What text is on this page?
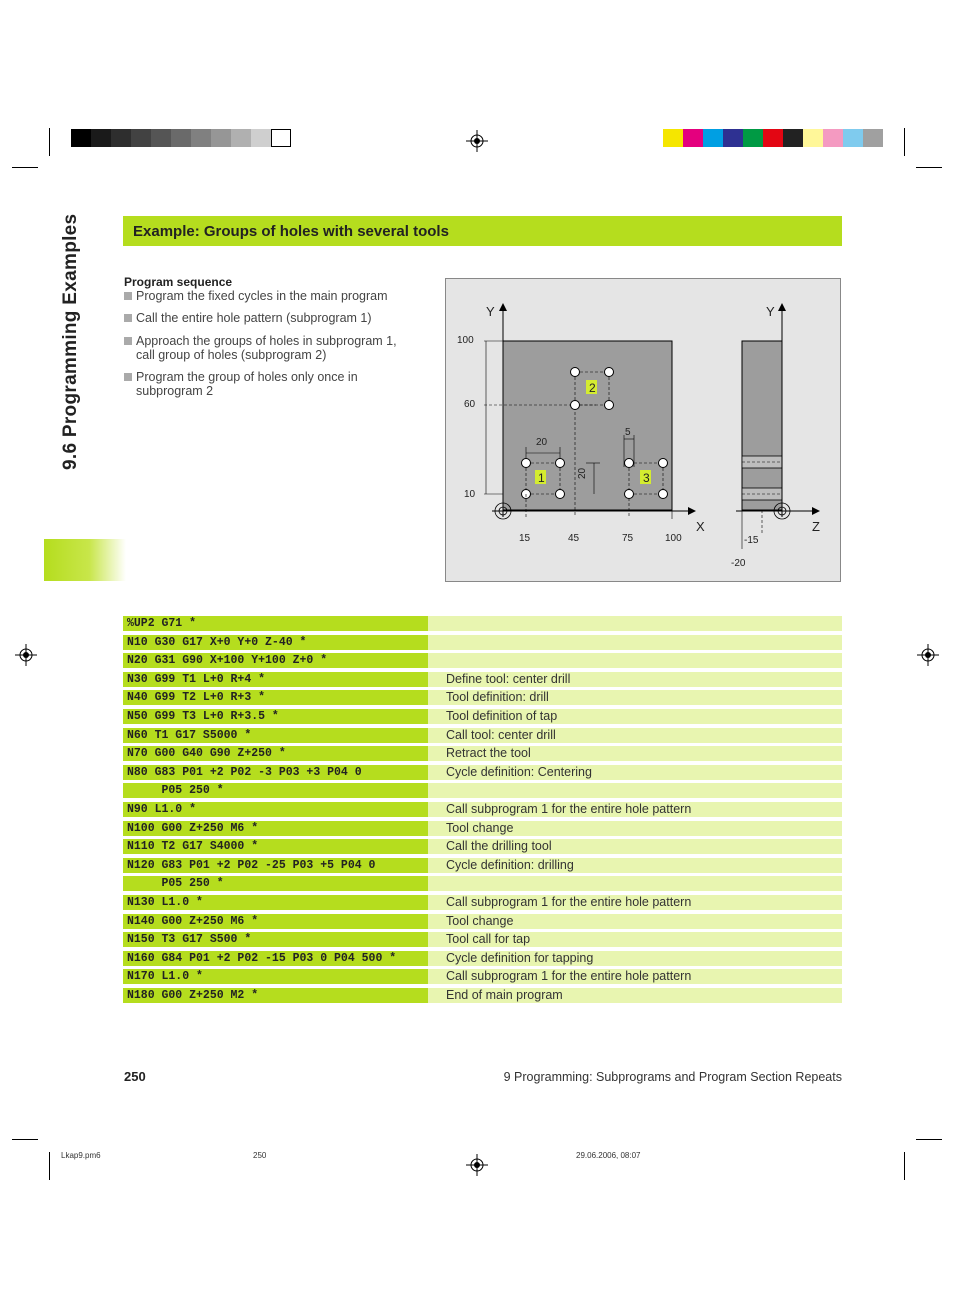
9.6 Programming Examples	Example: Groups of holes with several tools
Program sequence
Program the fixed cycles in the main program
Call the entire hole pattern (subprogram 1)
Approach the groups of holes in subprogram 1, call group of holes (subprogram 2)
Program the group of holes only once in subprogram 2
Y
X
Y
Z
100
60
10
15	45	75	100
20
20
5
-15
-20
1
2
3
%UP2 G71 *
N10 G30 G17 X+0 Y+0 Z-40 *
N20 G31 G90 X+100 Y+100 Z+0 *
N30 G99 T1 L+0 R+4 *	Define tool: center drill
N40 G99 T2 L+0 R+3 *	Tool definition: drill
N50 G99 T3 L+0 R+3.5 *	Tool definition of tap
N60 T1 G17 S5000 *	Call tool: center drill
N70 G00 G40 G90 Z+250 *	Retract the tool
N80 G83 P01 +2 P02 -3 P03 +3 P04 0	Cycle definition: Centering
P05 250 *
N90 L1.0 *	Call subprogram 1 for the entire hole pattern
N100 G00 Z+250 M6 *	Tool change
N110 T2 G17 S4000 *	Call the drilling tool
N120 G83 P01 +2 P02 -25 P03 +5 P04 0	Cycle definition: drilling
P05 250 *
N130 L1.0 *	Call subprogram 1 for the entire hole pattern
N140 G00 Z+250 M6 *	Tool change
N150 T3 G17 S500 *	Tool call for tap
N160 G84 P01 +2 P02 -15 P03 0 P04 500 *	Cycle definition for tapping
N170 L1.0 *	Call subprogram 1 for the entire hole pattern
N180 G00 Z+250 M2 *	End of main program
250	9 Programming: Subprograms and Program Section Repeats
Lkap9.pm6	250	29.06.2006, 08:07
